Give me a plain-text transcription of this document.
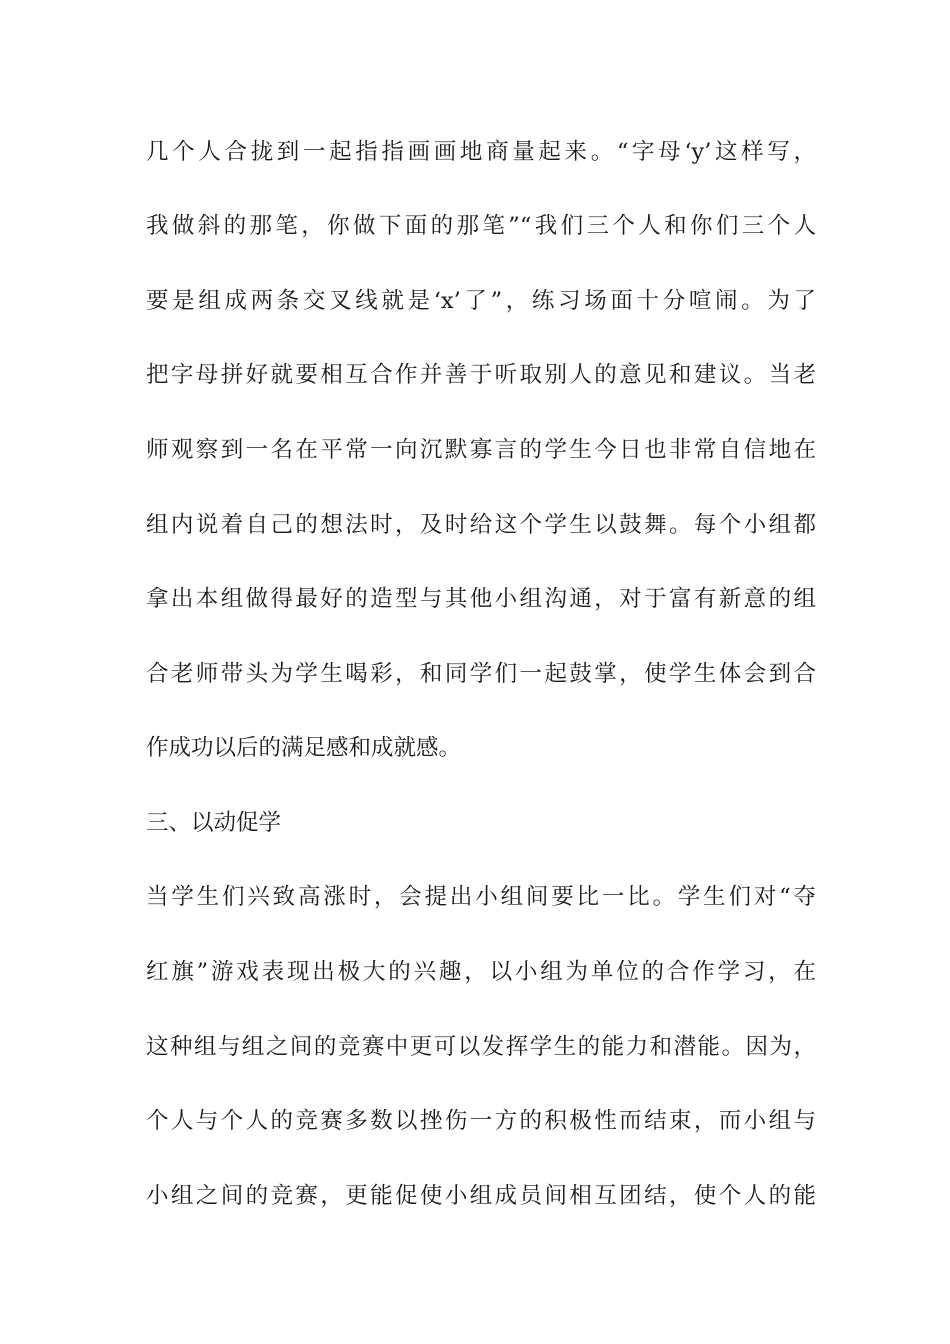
几个人合拢到一起指指画画地商量起来。“字母‘y’这样写，
我做斜的那笔，你做下面的那笔”“我们三个人和你们三个人
要是组成两条交叉线就是‘x’了”，练习场面十分喧闹。为了
把字母拼好就要相互合作并善于听取别人的意见和建议。当老
师观察到一名在平常一向沉默寡言的学生今日也非常自信地在
组内说着自己的想法时，及时给这个学生以鼓舞。每个小组都
拿出本组做得最好的造型与其他小组沟通，对于富有新意的组
合老师带头为学生喝彩，和同学们一起鼓掌，使学生体会到合
作成功以后的满足感和成就感。
三、以动促学
当学生们兴致高涨时，会提出小组间要比一比。学生们对“夺
红旗”游戏表现出极大的兴趣，以小组为单位的合作学习，在
这种组与组之间的竞赛中更可以发挥学生的能力和潜能。因为，
个人与个人的竞赛多数以挫伤一方的积极性而结束，而小组与
小组之间的竞赛，更能促使小组成员间相互团结，使个人的能
